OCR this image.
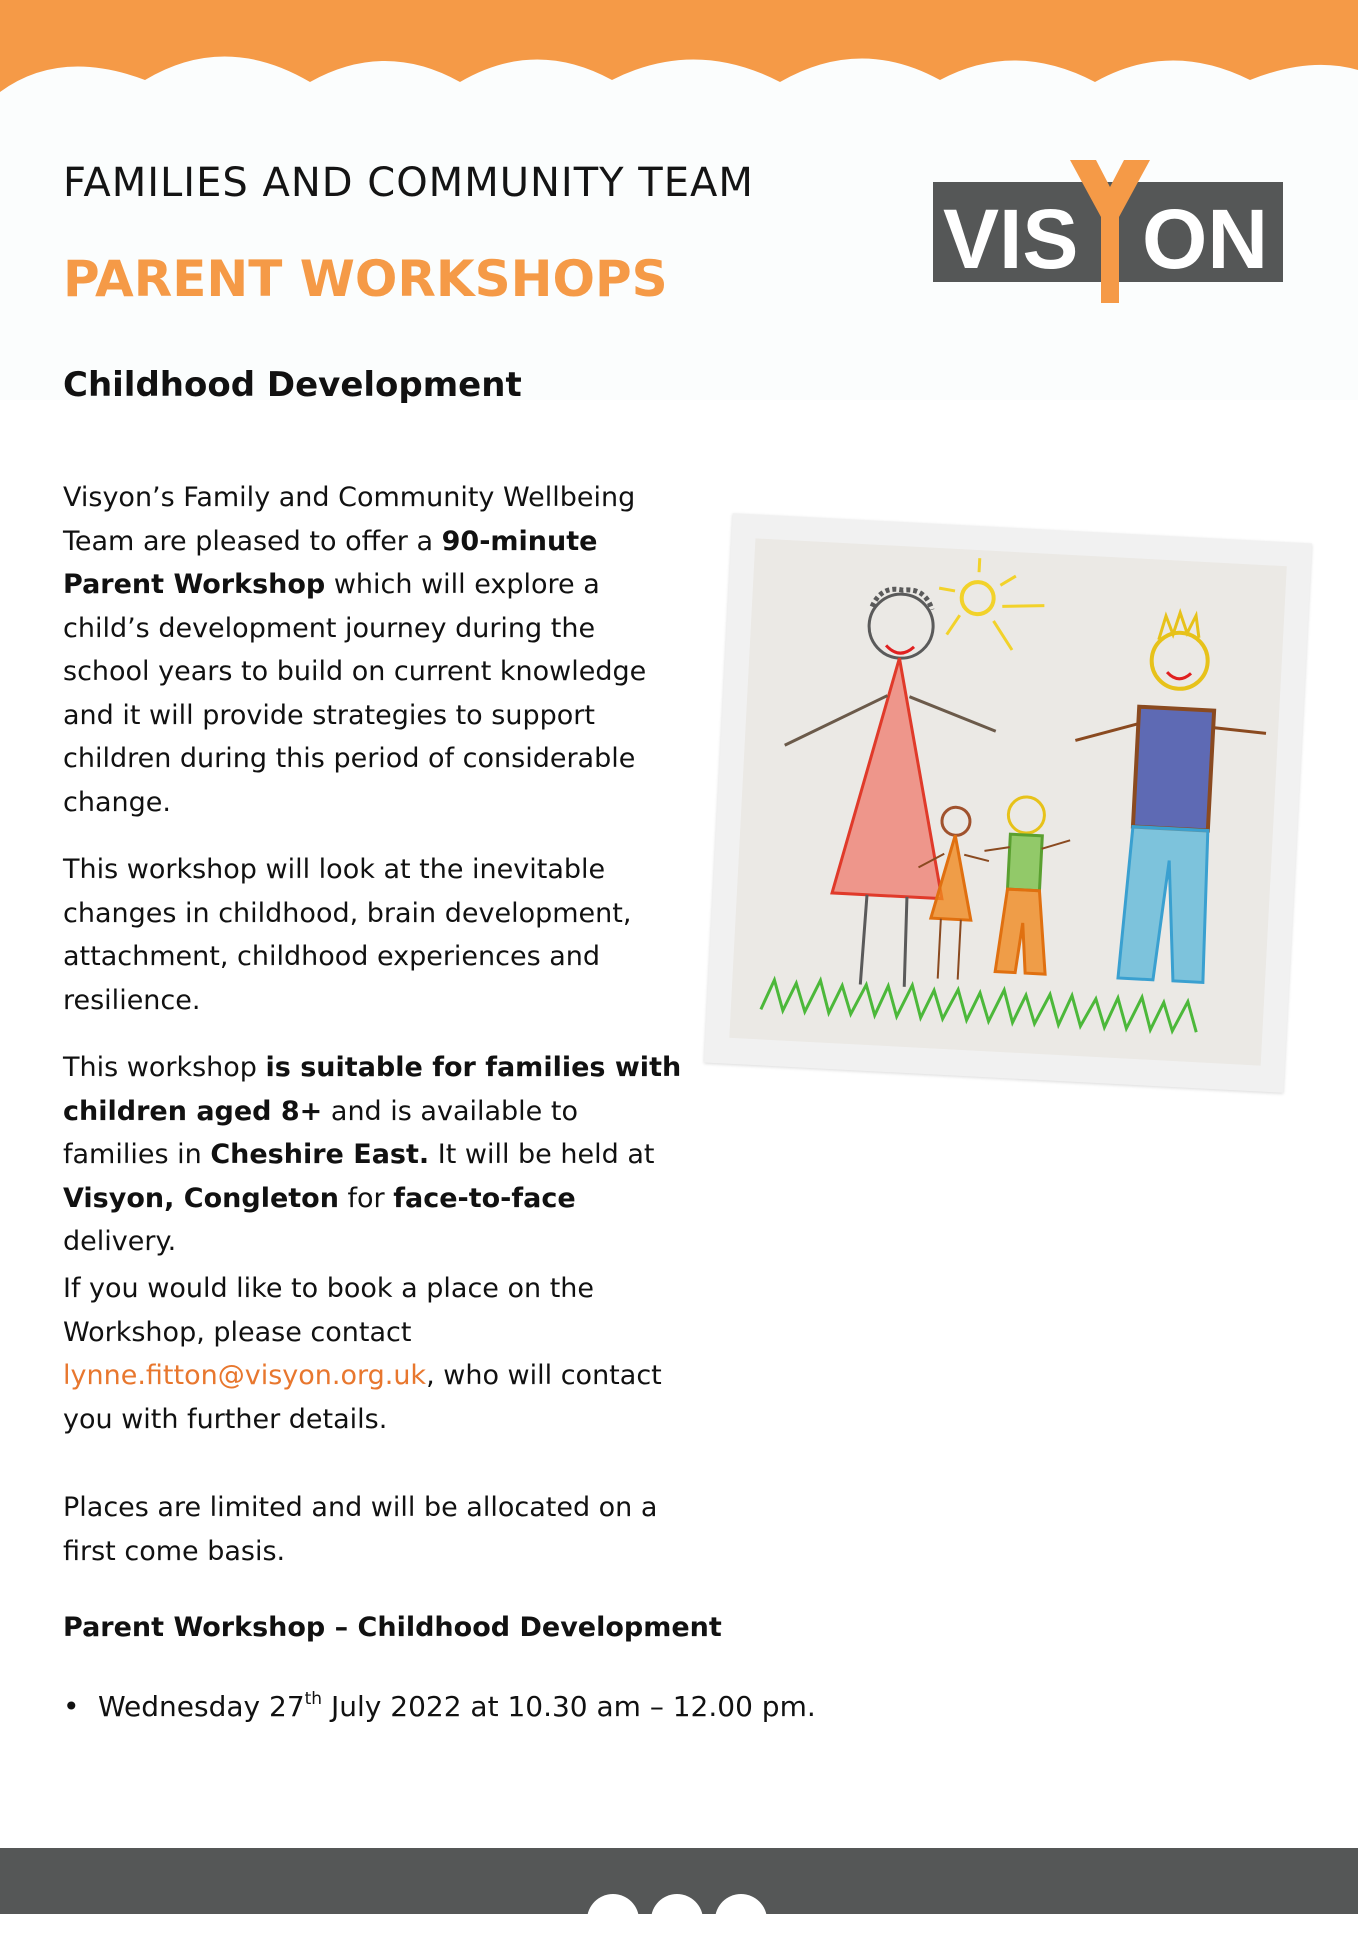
FAMILIES AND COMMUNITY TEAM
PARENT WORKSHOPS	VIS ON
Y
Childhood Development
Visyon’s Family and Community Wellbeing Team are pleased to offer a 90-minute Parent Workshop which will explore a child’s development journey during the school years to build on current knowledge and it will provide strategies to support children during this period of considerable change.
This workshop will look at the inevitable changes in childhood, brain development, attachment, childhood experiences and resilience.
This workshop is suitable for families with children aged 8+ and is available to families in Cheshire East. It will be held at Visyon, Congleton for face-to-face delivery.
If you would like to book a place on the Workshop, please contact lynne.fitton@visyon.org.uk, who will contact you with further details.
Places are limited and will be allocated on a first come basis.
Parent Workshop – Childhood Development
• Wednesday 27th July 2022 at 10.30 am – 12.00 pm.
